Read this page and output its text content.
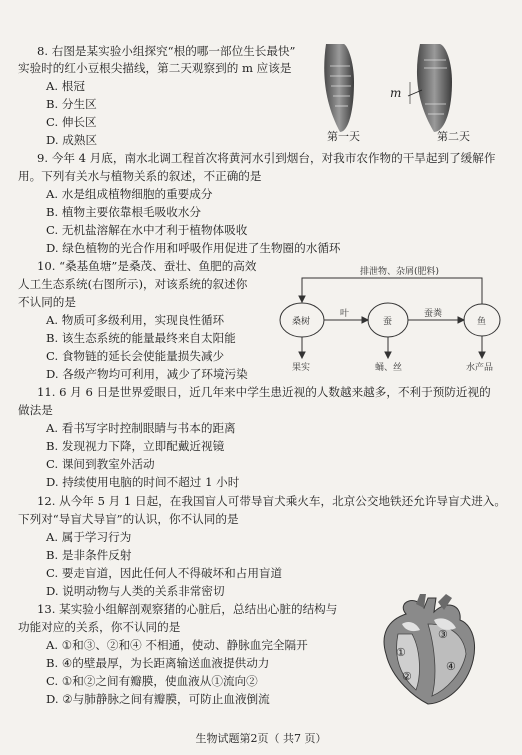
8. 右图是某实验小组探究“根的哪一部位生长最快”
实验时的红小豆根尖描线，第二天观察到的 m 应该是
A. 根冠
B. 分生区
C. 伸长区
D. 成熟区
m
第一天	第二天
9. 今年 4 月底，南水北调工程首次将黄河水引到烟台，对我市农作物的干旱起到了缓解作
用。下列有关水与植物关系的叙述，不正确的是
A. 水是组成植物细胞的重要成分
B. 植物主要依靠根毛吸收水分
C. 无机盐溶解在水中才利于植物体吸收
D. 绿色植物的光合作用和呼吸作用促进了生物圈的水循环
10. “桑基鱼塘”是桑茂、蚕壮、鱼肥的高效
人工生态系统(右图所示)，对该系统的叙述你
不认同的是
A. 物质可多级利用，实现良性循环
B. 该生态系统的能量最终来自太阳能
C. 食物链的延长会使能量损失减少
D. 各级产物均可利用，减少了环境污染
排泄物、杂屑(肥料)
桑树	蚕	鱼
叶	蚕粪
果实	蛹、丝	水产品
11. 6 月 6 日是世界爱眼日，近几年来中学生患近视的人数越来越多，不利于预防近视的
做法是
A. 看书写字时控制眼睛与书本的距离
B. 发现视力下降，立即配戴近视镜
C. 课间到教室外活动
D. 持续使用电脑的时间不超过 1 小时
12. 从今年 5 月 1 日起，在我国盲人可带导盲犬乘火车，北京公交地铁还允许导盲犬进入。
下列对“导盲犬导盲”的认识，你不认同的是
A. 属于学习行为
B. 是非条件反射
C. 要走盲道，因此任何人不得破坏和占用盲道
D. 说明动物与人类的关系非常密切
13. 某实验小组解剖观察猪的心脏后，总结出心脏的结构与
功能对应的关系，你不认同的是
A. ①和③、②和④ 不相通，使动、静脉血完全隔开
B. ④的壁最厚，为长距离输送血液提供动力
C. ①和②之间有瓣膜，使血液从①流向②
D. ②与肺静脉之间有瓣膜，可防止血液倒流
①
②
③
④
生物试题第2页（ 共7 页）
